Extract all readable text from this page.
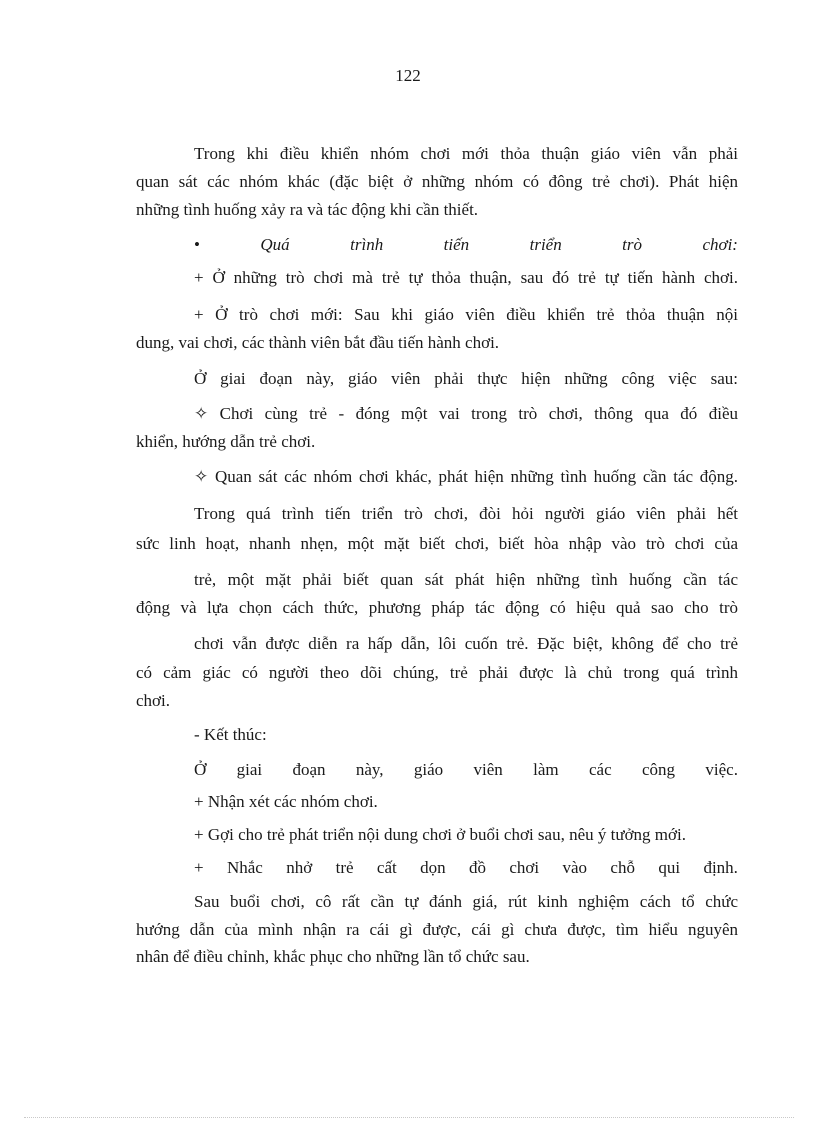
122
Trong khi điều khiển nhóm chơi mới thỏa thuận giáo viên vẫn phải
quan sát các nhóm khác (đặc biệt ở những nhóm có đông trẻ chơi). Phát hiện
những tình huống xảy ra và tác động khi cần thiết.
•	Quá	trình	tiến	triển	trò	chơi:
+ Ở những trò chơi mà trẻ tự thỏa thuận, sau đó trẻ tự tiến hành chơi.
+ Ở trò chơi mới: Sau khi giáo viên điều khiển trẻ thỏa thuận nội
dung, vai chơi, các thành viên bắt đầu tiến hành chơi.
Ở giai đoạn này, giáo viên phải thực hiện những công việc sau:
✧ Chơi cùng trẻ - đóng một vai trong trò chơi, thông qua đó điều
khiển, hướng dẫn trẻ chơi.
✧ Quan sát các nhóm chơi khác, phát hiện những tình huống cần tác động.
Trong quá trình tiến triển trò chơi, đòi hỏi người giáo viên phải hết
sức linh hoạt, nhanh nhẹn, một mặt biết chơi, biết hòa nhập vào trò chơi của
trẻ, một mặt phải biết quan sát phát hiện những tình huống cần tác
động và lựa chọn cách thức, phương pháp tác động có hiệu quả sao cho trò
chơi vẫn được diễn ra hấp dẫn, lôi cuốn trẻ. Đặc biệt, không để cho trẻ
có cảm giác có người theo dõi chúng, trẻ phải được là chủ trong quá trình
chơi.
- Kết thúc:
Ở giai đoạn này, giáo viên làm các công việc.
+ Nhận xét các nhóm chơi.
+ Gợi cho trẻ phát triển nội dung chơi ở buổi chơi sau, nêu ý tưởng mới.
+ Nhắc nhở trẻ cất dọn đồ chơi vào chỗ qui định.
Sau buổi chơi, cô rất cần tự đánh giá, rút kinh nghiệm cách tổ chức
hướng dẫn của mình nhận ra cái gì được, cái gì chưa được, tìm hiểu nguyên
nhân để điều chỉnh, khắc phục cho những lần tổ chức sau.
